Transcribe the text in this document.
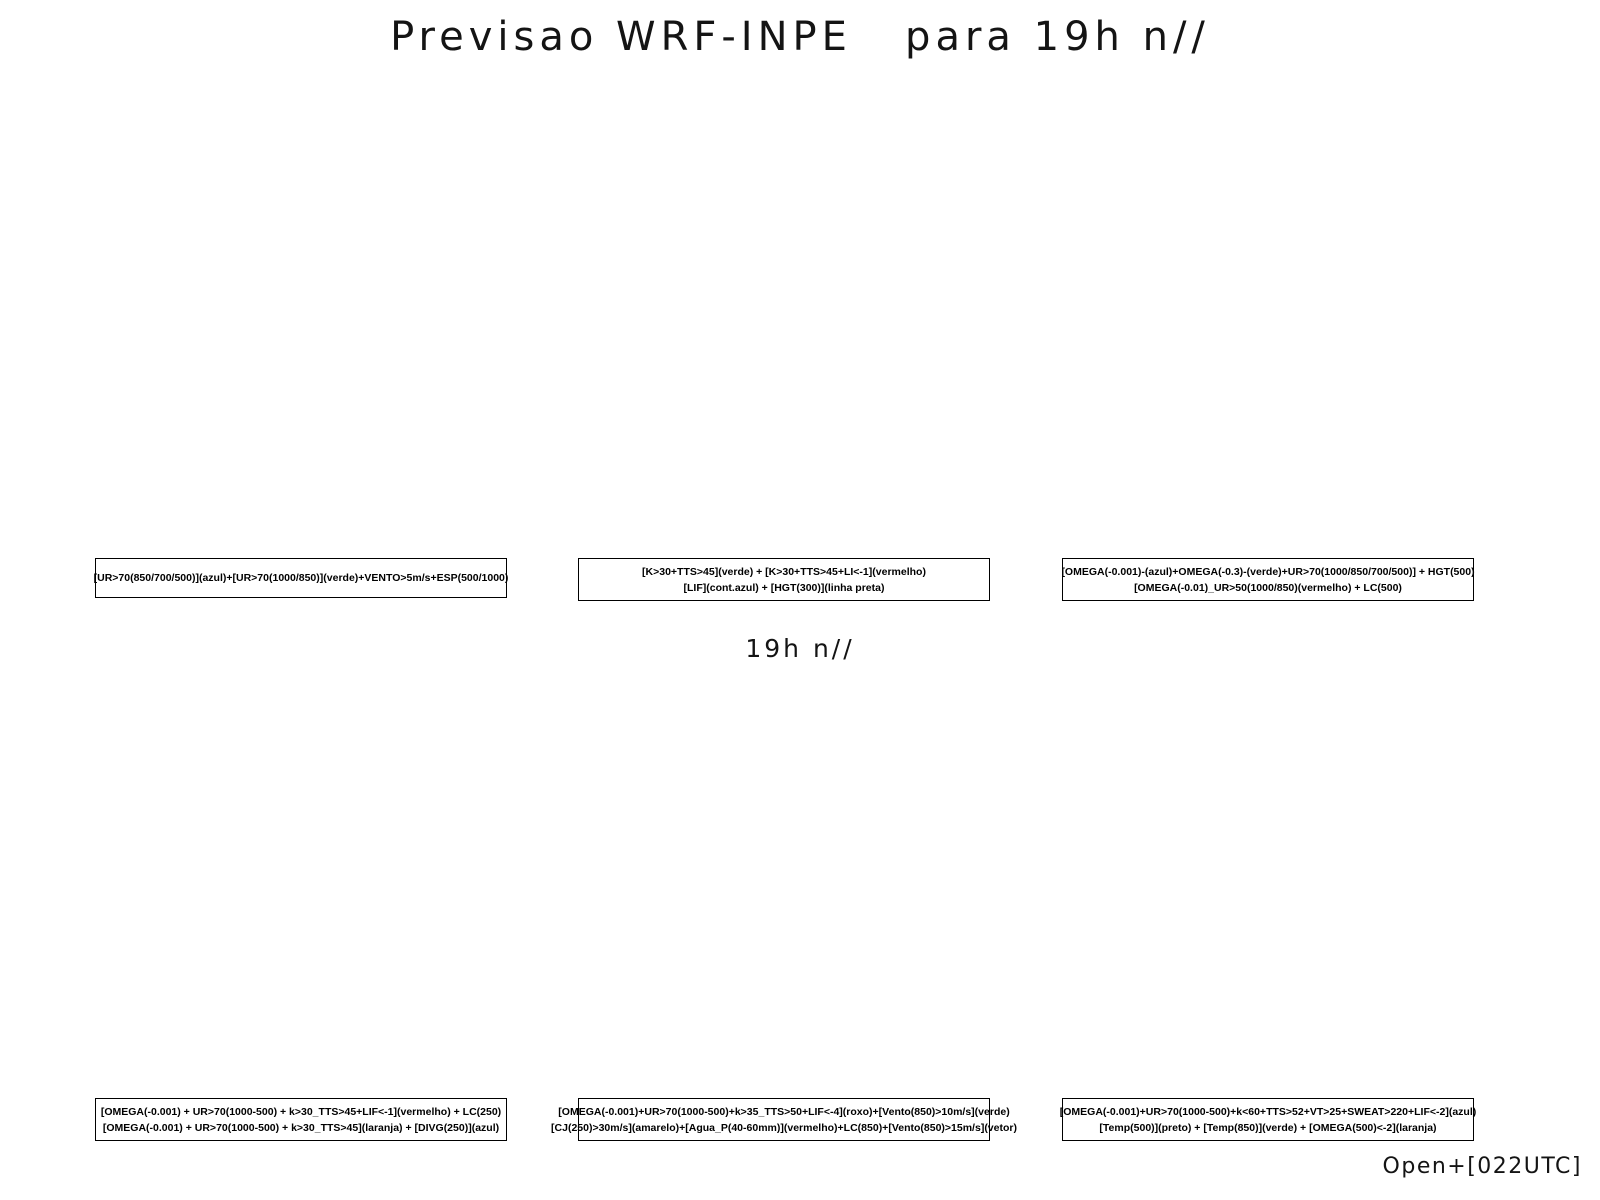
Previsao WRF-INPE   para 19h n//
[UR>70(850/700/500)](azul)+[UR>70(1000/850)](verde)+VENTO>5m/s+ESP(500/1000)
[K>30+TTS>45](verde) + [K>30+TTS>45+LI<-1](vermelho)
[LIF](cont.azul) + [HGT(300)](linha preta)
[OMEGA(-0.001)-(azul)+OMEGA(-0.3)-(verde)+UR>70(1000/850/700/500)] + HGT(500)
[OMEGA(-0.01)_UR>50(1000/850)(vermelho) + LC(500)
19h n//
[OMEGA(-0.001) + UR>70(1000-500) + k>30_TTS>45+LIF<-1](vermelho) + LC(250)
[OMEGA(-0.001) + UR>70(1000-500) + k>30_TTS>45](laranja) + [DIVG(250)](azul)
[OMEGA(-0.001)+UR>70(1000-500)+k>35_TTS>50+LIF<-4](roxo)+[Vento(850)>10m/s](verde)
[CJ(250)>30m/s](amarelo)+[Agua_P(40-60mm)](vermelho)+LC(850)+[Vento(850)>15m/s](vetor)
[OMEGA(-0.001)+UR>70(1000-500)+k<60+TTS>52+VT>25+SWEAT>220+LIF<-2](azul)
[Temp(500)](preto) + [Temp(850)](verde) + [OMEGA(500)<-2](laranja)
Open+[022UTC]
